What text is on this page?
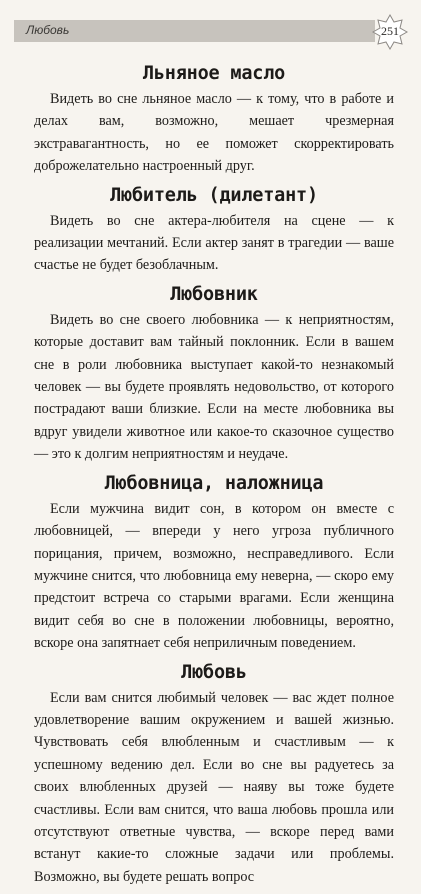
Любовь	251
Льняное масло

Видеть во сне льняное масло — к тому, что в работе и делах вам, возможно, мешает чрезмерная экстравагантность, но ее поможет скорректировать доброжелательно настроенный друг.

Любитель (дилетант)

Видеть во сне актера-любителя на сцене — к реализации мечтаний. Если актер занят в трагедии — ваше счастье не будет безоблачным.

Любовник

Видеть во сне своего любовника — к неприятностям, которые доставит вам тайный поклонник. Если в вашем сне в роли любовника выступает какой-то незнакомый человек — вы будете проявлять недовольство, от которого пострадают ваши близкие. Если на месте любовника вы вдруг увидели животное или какое-то сказочное существо — это к долгим неприятностям и неудаче.

Любовница, наложница

Если мужчина видит сон, в котором он вместе с любовницей, — впереди у него угроза публичного порицания, причем, возможно, несправедливого. Если мужчине снится, что любовница ему неверна, — скоро ему предстоит встреча со старыми врагами. Если женщина видит себя во сне в положении любовницы, вероятно, вскоре она запятнает себя неприличным поведением.

Любовь

Если вам снится любимый человек — вас ждет полное удовлетворение вашим окружением и вашей жизнью. Чувствовать себя влюбленным и счастливым — к успешному ведению дел. Если во сне вы радуетесь за своих влюбленных друзей — наяву вы тоже будете счастливы. Если вам снится, что ваша любовь прошла или отсутствуют ответные чувства, — вскоре перед вами встанут какие-то сложные задачи или проблемы. Возможно, вы будете решать вопрос
